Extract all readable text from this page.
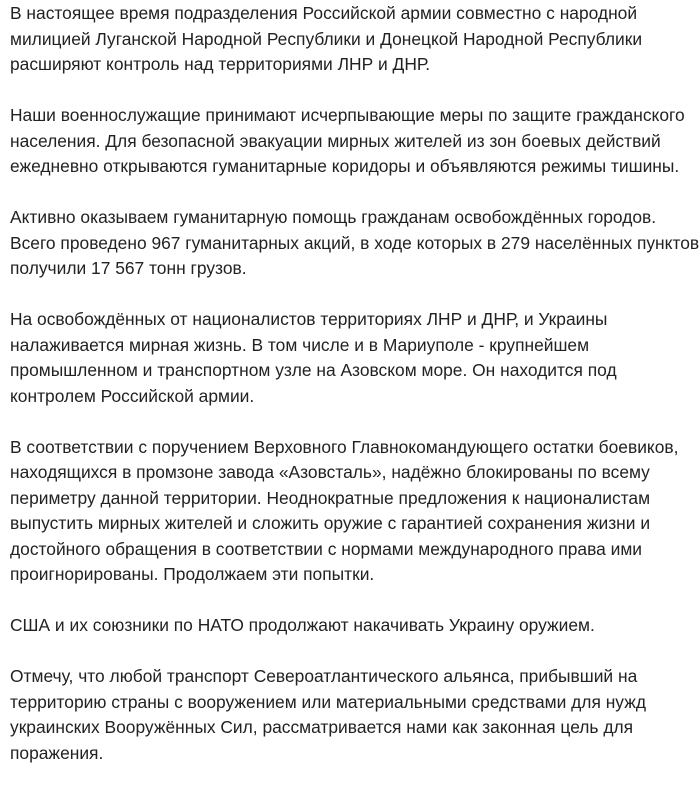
В настоящее время подразделения Российской армии совместно с народной
милицией Луганской Народной Республики и Донецкой Народной Республики
расширяют контроль над территориями ЛНР и ДНР.

Наши военнослужащие принимают исчерпывающие меры по защите гражданского
населения. Для безопасной эвакуации мирных жителей из зон боевых действий
ежедневно открываются гуманитарные коридоры и объявляются режимы тишины.

Активно оказываем гуманитарную помощь гражданам освобождённых городов.
Всего проведено 967 гуманитарных акций, в ходе которых в 279 населённых пунктов
получили 17 567 тонн грузов.

На освобождённых от националистов территориях ЛНР и ДНР, и Украины
налаживается мирная жизнь. В том числе и в Мариуполе - крупнейшем
промышленном и транспортном узле на Азовском море. Он находится под
контролем Российской армии.

В соответствии с поручением Верховного Главнокомандующего остатки боевиков,
находящихся в промзоне завода «Азовсталь», надёжно блокированы по всему
периметру данной территории. Неоднократные предложения к националистам
выпустить мирных жителей и сложить оружие с гарантией сохранения жизни и
достойного обращения в соответствии с нормами международного права ими
проигнорированы. Продолжаем эти попытки.

США и их союзники по НАТО продолжают накачивать Украину оружием.

Отмечу, что любой транспорт Североатлантического альянса, прибывший на
территорию страны с вооружением или материальными средствами для нужд
украинских Вооружённых Сил, рассматривается нами как законная цель для
поражения.
